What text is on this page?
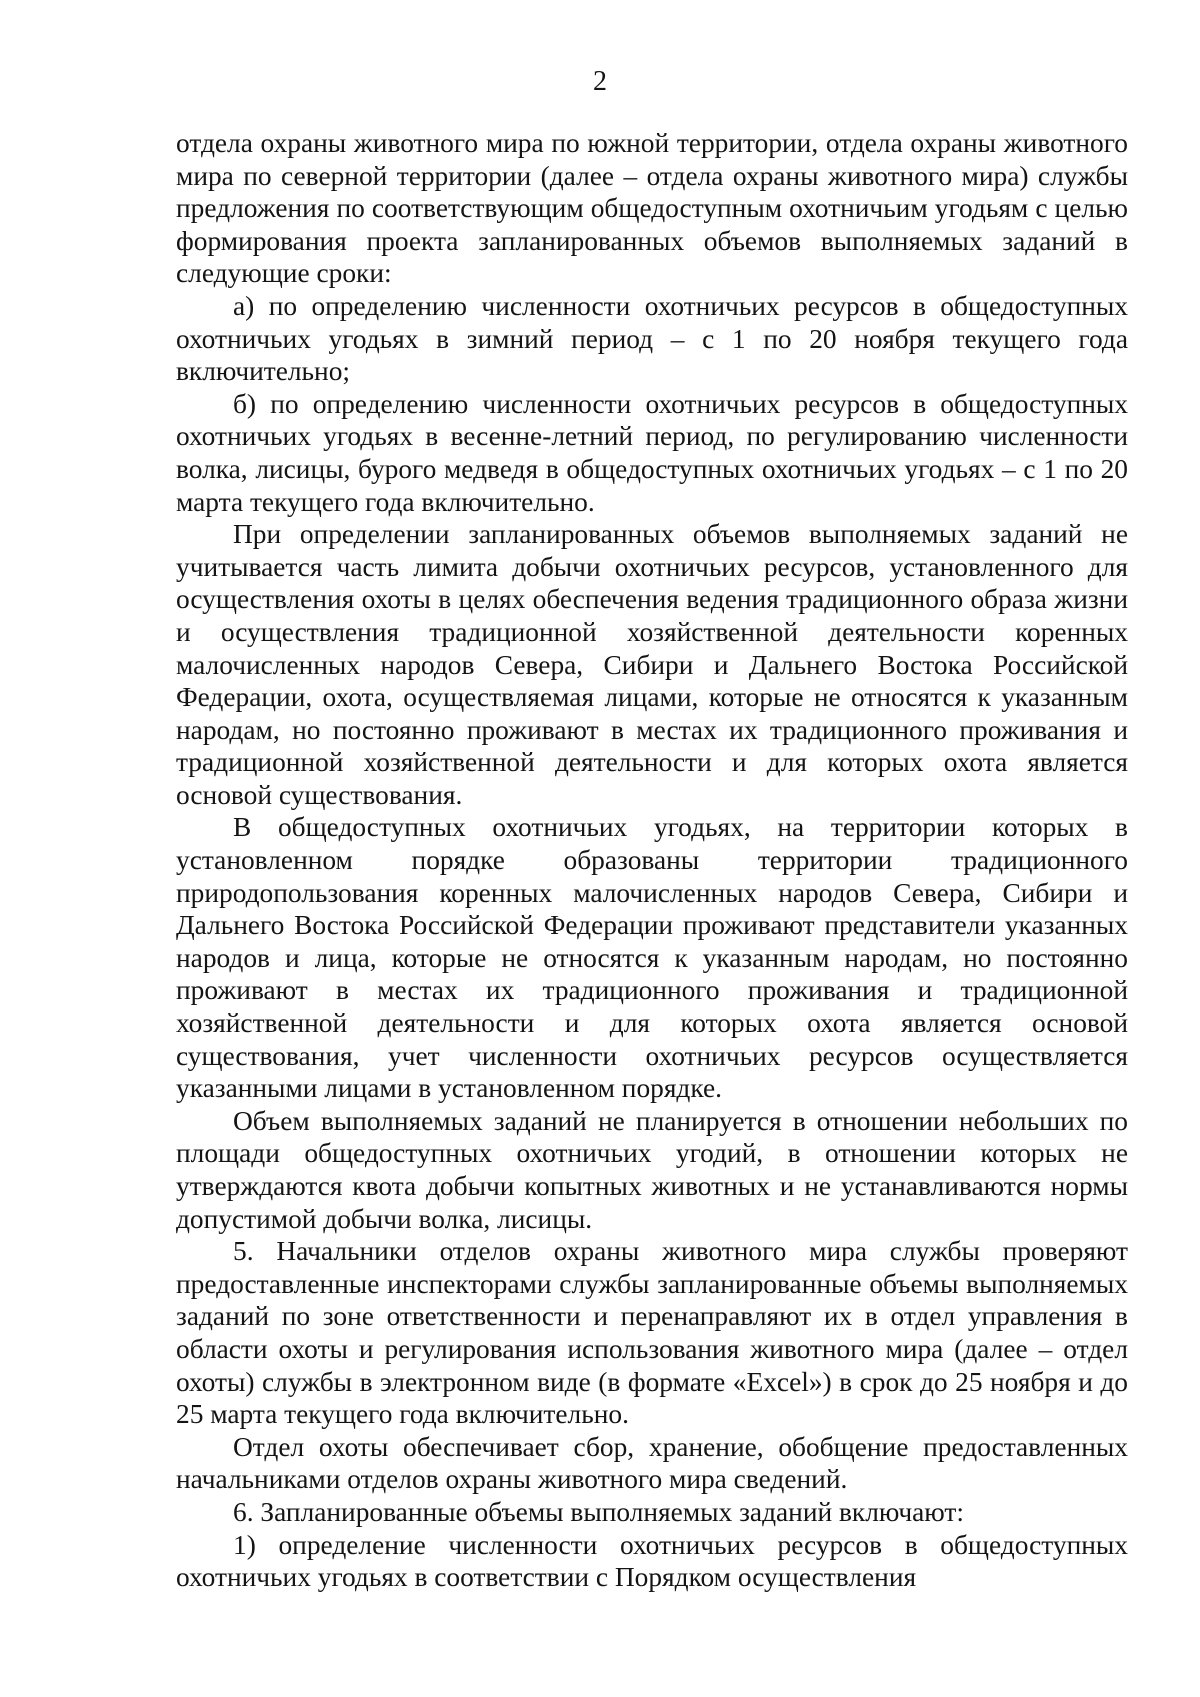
2

отдела охраны животного мира по южной территории, отдела охраны животного мира по северной территории (далее – отдела охраны животного мира) службы предложения по соответствующим общедоступным охотничьим угодьям с целью формирования проекта запланированных объемов выполняемых заданий в следующие сроки:

а) по определению численности охотничьих ресурсов в общедоступных охотничьих угодьях в зимний период – с 1 по 20 ноября текущего года включительно;

б) по определению численности охотничьих ресурсов в общедоступных охотничьих угодьях в весенне-летний период, по регулированию численности волка, лисицы, бурого медведя в общедоступных охотничьих угодьях – с 1 по 20 марта текущего года включительно.

При определении запланированных объемов выполняемых заданий не учитывается часть лимита добычи охотничьих ресурсов, установленного для осуществления охоты в целях обеспечения ведения традиционного образа жизни и осуществления традиционной хозяйственной деятельности коренных малочисленных народов Севера, Сибири и Дальнего Востока Российской Федерации, охота, осуществляемая лицами, которые не относятся к указанным народам, но постоянно проживают в местах их традиционного проживания и традиционной хозяйственной деятельности и для которых охота является основой существования.

В общедоступных охотничьих угодьях, на территории которых в установленном порядке образованы территории традиционного природопользования коренных малочисленных народов Севера, Сибири и Дальнего Востока Российской Федерации проживают представители указанных народов и лица, которые не относятся к указанным народам, но постоянно проживают в местах их традиционного проживания и традиционной хозяйственной деятельности и для которых охота является основой существования, учет численности охотничьих ресурсов осуществляется указанными лицами в установленном порядке.

Объем выполняемых заданий не планируется в отношении небольших по площади общедоступных охотничьих угодий, в отношении которых не утверждаются квота добычи копытных животных и не устанавливаются нормы допустимой добычи волка, лисицы.

5. Начальники отделов охраны животного мира службы проверяют предоставленные инспекторами службы запланированные объемы выполняемых заданий по зоне ответственности и перенаправляют их в отдел управления в области охоты и регулирования использования животного мира (далее – отдел охоты) службы в электронном виде (в формате «Excel») в срок до 25 ноября и до 25 марта текущего года включительно.

Отдел охоты обеспечивает сбор, хранение, обобщение предоставленных начальниками отделов охраны животного мира сведений.

6. Запланированные объемы выполняемых заданий включают:

1) определение численности охотничьих ресурсов в общедоступных охотничьих угодьях в соответствии с Порядком осуществления
